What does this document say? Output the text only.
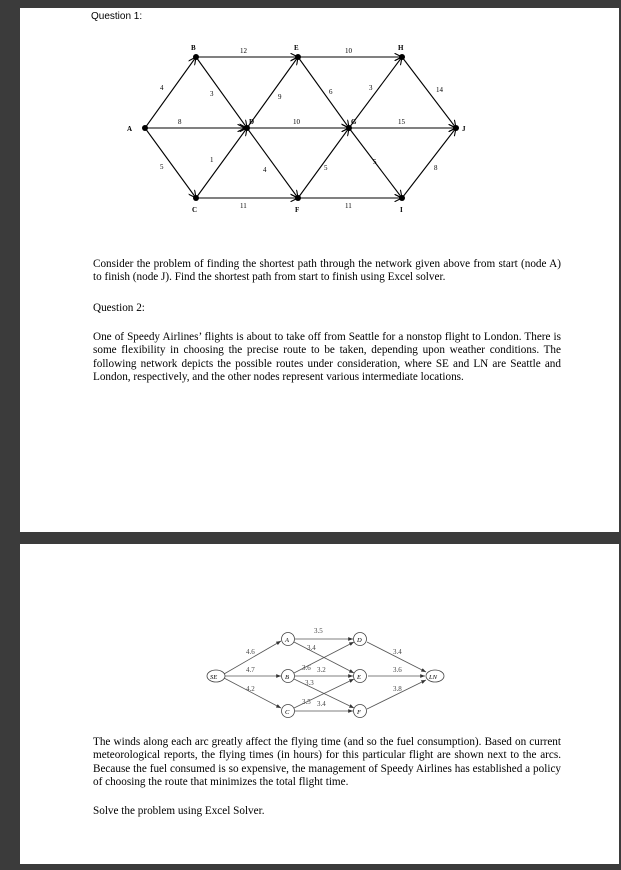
Question 1:
A
B
C
D
E
F
G
H
I
J
4
8
5
12
3
1
11
9
10
4
10
6
5
11
3
15
5
14
8

Consider the problem of finding the shortest path through the network given above from start (node A) to finish (node J). Find the shortest path from start to finish using Excel solver.

Question 2:

One of Speedy Airlines’ flights is about to take off from Seattle for a nonstop flight to London. There is some flexibility in choosing the precise route to be taken, depending upon weather conditions. The following network depicts the possible routes under consideration, where SE and LN are Seattle and London, respectively, and the other nodes represent various intermediate locations.

SE
A
B
C
D
E
F
LN
4.6
4.7
4.2
3.5
3.4
3.6 3.2
3.3
3.5 3.4
3.4
3.6
3.8

The winds along each arc greatly affect the flying time (and so the fuel consumption). Based on current meteorological reports, the flying times (in hours) for this particular flight are shown next to the arcs. Because the fuel consumed is so expensive, the management of Speedy Airlines has established a policy of choosing the route that minimizes the total flight time.

Solve the problem using Excel Solver.
